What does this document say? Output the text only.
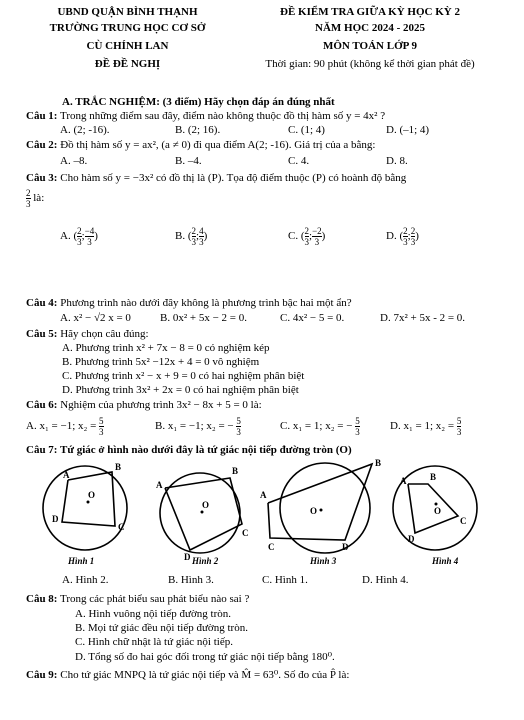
UBND QUẬN BÌNH THẠNH
TRƯỜNG TRUNG HỌC CƠ SỞ
CÙ CHÍNH LAN
ĐỀ ĐỀ NGHỊ
ĐỀ KIỂM TRA GIỮA KỲ HỌC KỲ 2
NĂM HỌC 2024 - 2025
MÔN TOÁN LỚP 9
Thời gian: 90 phút (không kể thời gian phát đề)
A. TRẮC NGHIỆM: (3 điểm) Hãy chọn đáp án đúng nhất
Câu 1: Trong những điểm sau đây, điểm nào không thuộc đồ thị hàm số y = 4x² ?
A. (2; -16).	B. (2; 16).	C. (1; 4)	D. (–1; 4)
Câu 2: Đồ thị hàm số y = ax², (a ≠ 0) đi qua điểm A(2; -16). Giá trị của a bằng:
A. –8.	B. –4.	C. 4.	D. 8.
Câu 3: Cho hàm số y = −3x² có đồ thị là (P). Tọa độ điểm thuộc (P) có hoành độ bằng
$\frac{2}{3}$ là:
A. ( $\frac{2}{3}$ ; $\frac{-4}{3}$ )	B. ( $\frac{2}{3}$ ; $\frac{4}{3}$ )	C. ( $\frac{2}{3}$ ; $\frac{-2}{3}$ )	D. ( $\frac{2}{3}$ ; $\frac{2}{3}$ )
Câu 4: Phương trình nào dưới đây không là phương trình bậc hai một ẩn?
A. x² − √2 x = 0	B. 0x² + 5x − 2 = 0.	C. 4x² − 5 = 0.	D. 7x² + 5x - 2 = 0.
Câu 5: Hãy chọn câu đúng:
A. Phương trình x² + 7x − 8 = 0 có nghiệm kép
B. Phương trình 5x² −12x + 4 = 0 vô nghiệm
C. Phương trình x² − x + 9 = 0 có hai nghiệm phân biệt
D. Phương trình 3x² + 2x = 0 có hai nghiệm phân biệt
Câu 6: Nghiệm của phương trình 3x² − 8x + 5 = 0 là:
A. x₁ = −1; $x_2 = \frac{5}{3}$	B. x₁ = −1; x₂ = − $\frac{5}{3}$	C. x₁ = 1; x₂ = − $\frac{5}{3}$	D. x₁ = 1; $x_2 = \frac{5}{3}$
Câu 7: Tứ giác ở hình nào dưới đây là tứ giác nội tiếp đường tròn (O)
O
A
B
C
D
Hình 1
O
A
B
C
D Hình 2
O
A
B
C	D
Hình 3
O
A	B
C
D
Hình 4
A. Hình 2.	B. Hình 3.	C. Hình 1.	D. Hình 4.
Câu 8: Trong các phát biểu sau phát biểu nào sai ?
A. Hình vuông nội tiếp đường tròn.
B. Mọi tứ giác đều nội tiếp đường tròn.
C. Hình chữ nhật là tứ giác nội tiếp.
D. Tổng số đo hai góc đối trong tứ giác nội tiếp bằng 180⁰.
Câu 9: Cho tứ giác MNPQ là tứ giác nội tiếp và M̂ = 63⁰. Số đo của P̂ là:
